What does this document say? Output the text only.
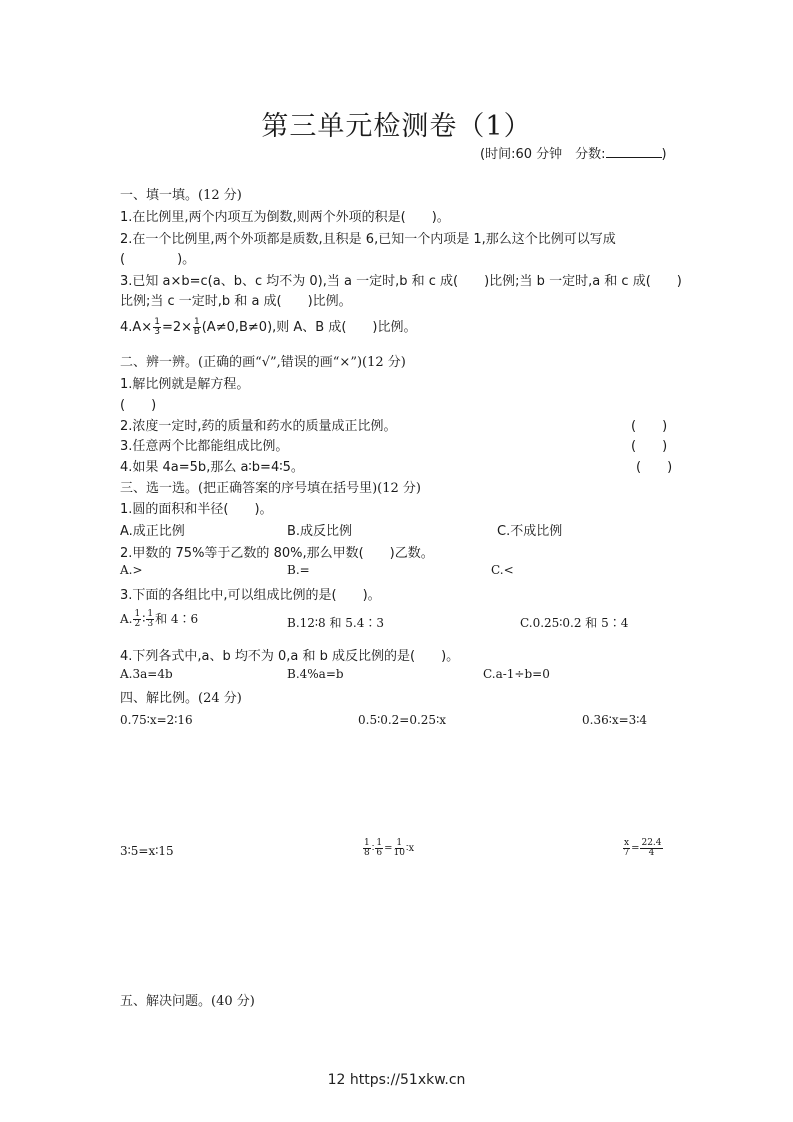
第三单元检测卷（1）
(时间:60 分钟　分数:	)
一、填一填。(12 分)
1.在比例里,两个内项互为倒数,则两个外项的积是(　　)。
2.在一个比例里,两个外项都是质数,且积是 6,已知一个内项是 1,那么这个比例可以写成
(　　　　)。
3.已知 a×b=c(a、b、c 均不为 0),当 a 一定时,b 和 c 成(　　)比例;当 b 一定时,a 和 c 成(　　)
比例;当 c 一定时,b 和 a 成(　　)比例。
$4.A\times \frac{1}{3} =2\times \frac{1}{B} (A\ne 0,B\ne 0)$,则 A、B 成(　　)比例。
二、辨一辨。(正确的画“√”,错误的画“×”)(12 分)
1.解比例就是解方程。
(　　)
2.浓度一定时,药的质量和药水的质量成正比例。	(　　)
3.任意两个比都能组成比例。	(　　)
4.如果 4a=5b,那么 a∶b=4∶5。	(　　)
三、选一选。(把正确答案的序号填在括号里)(12 分)
1.圆的面积和半径(　　)。
A.成正比例	B.成反比例	C.不成比例
2.甲数的 75%等于乙数的 80%,那么甲数(　　)乙数。
A.>	B.=	C.<
3.下面的各组比中,可以组成比例的是(　　)。
A. $\frac{1}{2}$ ∶ $\frac{1}{3}$ 和 4∶6	B.12∶8 和 5.4∶3	C.0.25∶0.2 和 5∶4
4.下列各式中,a、b 均不为 0,a 和 b 成反比例的是(　　)。
A.3a=4b	B.4%a=b	C.a-1÷b=0
四、解比例。(24 分)
0.75∶x=2∶16	0.5∶0.2=0.25∶x	0.36∶x=3∶4
3∶5=x∶15	$\frac{1}{8}$ ∶ $\frac{1}{6} = \frac{1}{10}$ ∶x	$\frac{x}{7} = \frac{22.4}{4}$
五、解决问题。(40 分)
12 https://51xkw.cn
